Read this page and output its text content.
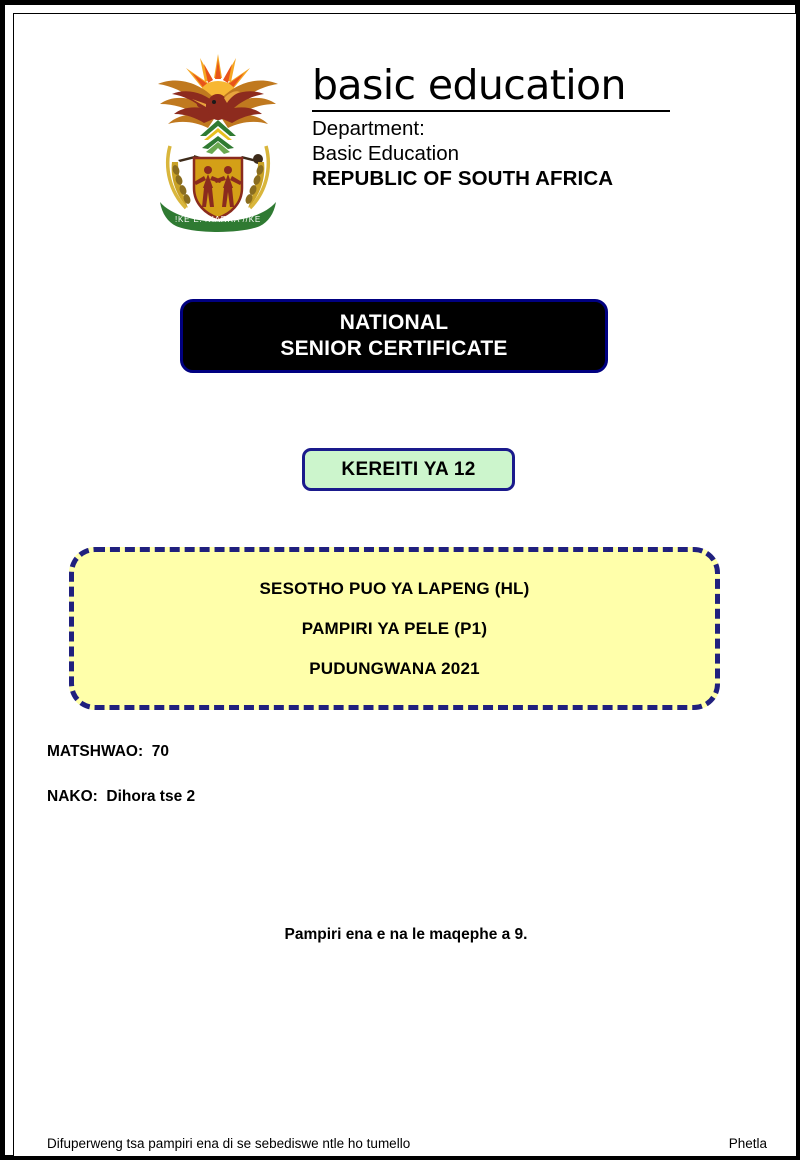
!KE E: /XARRA //KE
basic education
Department:
Basic Education
REPUBLIC OF SOUTH AFRICA
NATIONAL
SENIOR CERTIFICATE
KEREITI YA 12
SESOTHO PUO YA LAPENG (HL)
PAMPIRI YA PELE (P1)
PUDUNGWANA 2021
MATSHWAO:  70
NAKO:  Dihora tse 2
Pampiri ena e na le maqephe a 9.
Difuperweng tsa pampiri ena di se sebediswe ntle ho tumello	Phetla
